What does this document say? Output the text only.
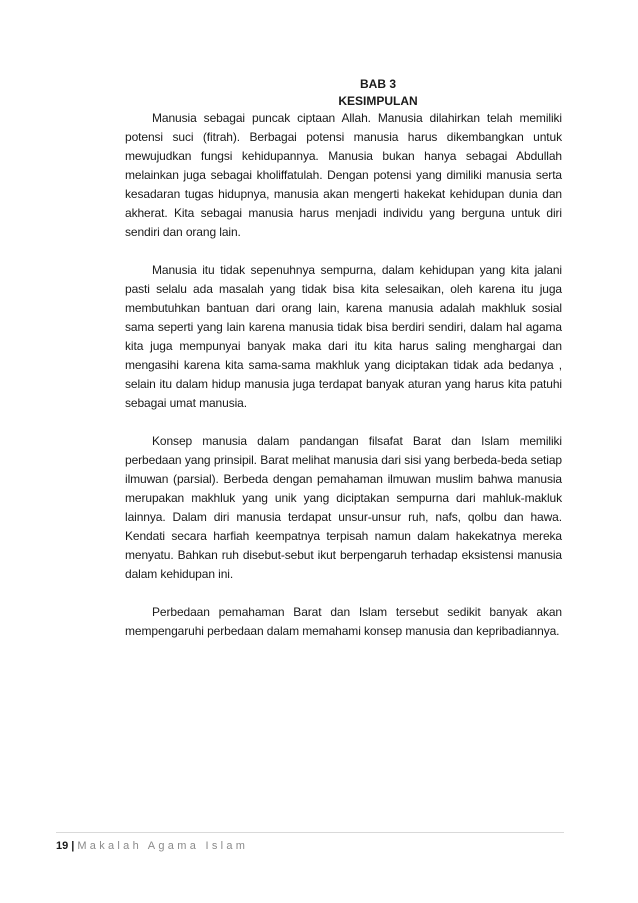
BAB 3
KESIMPULAN

Manusia sebagai puncak ciptaan Allah. Manusia dilahirkan telah memiliki potensi suci (fitrah). Berbagai potensi manusia harus dikembangkan untuk mewujudkan fungsi kehidupannya. Manusia bukan hanya sebagai Abdullah melainkan juga sebagai kholiffatulah. Dengan potensi yang dimiliki manusia serta kesadaran tugas hidupnya, manusia akan mengerti hakekat kehidupan dunia dan akherat. Kita sebagai manusia harus menjadi individu yang berguna untuk diri sendiri dan orang lain.

Manusia itu tidak sepenuhnya sempurna, dalam kehidupan yang kita jalani pasti selalu ada masalah yang tidak bisa kita selesaikan, oleh karena itu juga membutuhkan bantuan dari orang lain, karena manusia adalah makhluk sosial sama seperti yang lain karena manusia tidak bisa berdiri sendiri, dalam hal agama kita juga mempunyai banyak maka dari itu kita harus saling menghargai dan mengasihi karena kita sama-sama makhluk yang diciptakan tidak ada bedanya , selain itu dalam hidup manusia juga terdapat banyak aturan yang harus kita patuhi sebagai umat manusia.

Konsep manusia dalam pandangan filsafat Barat dan Islam memiliki perbedaan yang prinsipil. Barat melihat manusia dari sisi yang berbeda-beda setiap ilmuwan (parsial). Berbeda dengan pemahaman ilmuwan muslim bahwa manusia merupakan makhluk yang unik yang diciptakan sempurna dari mahluk-makluk lainnya. Dalam diri manusia terdapat unsur-unsur ruh, nafs, qolbu dan hawa. Kendati secara harfiah keempatnya terpisah namun dalam hakekatnya mereka menyatu. Bahkan ruh disebut-sebut ikut berpengaruh terhadap eksistensi manusia dalam kehidupan ini.

Perbedaan pemahaman Barat dan Islam tersebut sedikit banyak akan mempengaruhi perbedaan dalam memahami konsep manusia dan kepribadiannya.

19 | Makalah Agama Islam
